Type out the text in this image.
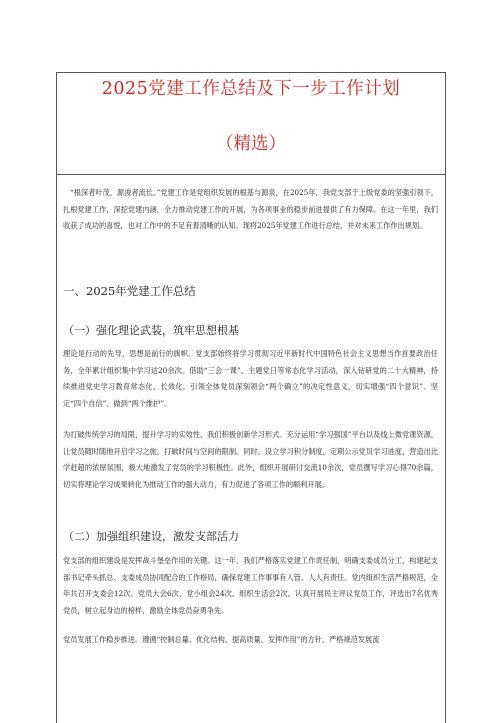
2025党建工作总结及下一步工作计划
（精选）

“根深者叶茂，源浚者流长。”党建工作是党组织发展的根基与源泉，在2025年，我党支部于上级党委的坚强引领下，扎根党建工作，深挖党建内涵，全力推动党建工作的开展，为各项事业的稳步前进提供了有力保障。在这一年里，我们收获了成功的喜悦，也对工作中的不足有着清晰的认知。现将2025年党建工作进行总结，并对未来工作作出规划。

一、2025年党建工作总结
（一）强化理论武装，筑牢思想根基

理论是行动的先导，思想是前行的旗帜。党支部始终将学习贯彻习近平新时代中国特色社会主义思想当作首要政治任务，全年累计组织集中学习达20余次。借助“三会一课”、主题党日等常态化学习活动，深入钻研党的二十大精神，持续推进党史学习教育常态化、长效化，引领全体党员深刻领会“两个确立”的决定性意义，切实增强“四个意识”、坚定“四个自信”、做到“两个维护”。

为打破传统学习的局限，提升学习的实效性，我们积极创新学习形式。充分运用“学习强国”平台以及线上微党课资源，让党员随时随地开启学习之旅，打破时间与空间的限制。同时，设立学习积分制度，定期公示党员学习进度，营造出比学赶超的浓厚氛围，极大地激发了党员的学习积极性。此外，组织开展研讨交流10余次，党员撰写学习心得70余篇，切实将理论学习成果转化为推动工作的强大动力，有力促进了各项工作的顺利开展。

（二）加强组织建设，激发支部活力

党支部的组织建设是发挥战斗堡垒作用的关键。这一年，我们严格落实党建工作责任制，明确支委成员分工，构建起支部书记牵头抓总、支委成员协同配合的工作格局，确保党建工作事事有人管、人人有责任。党内组织生活严格规范，全年共召开支委会12次、党员大会6次、党小组会24次、组织生活会2次。认真开展民主评议党员工作，评选出7名优秀党员，树立起身边的榜样，激励全体党员奋勇争先。

党员发展工作稳步推进。遵循“控制总量、优化结构、提高质量、发挥作用”的方针，严格规范发展流
